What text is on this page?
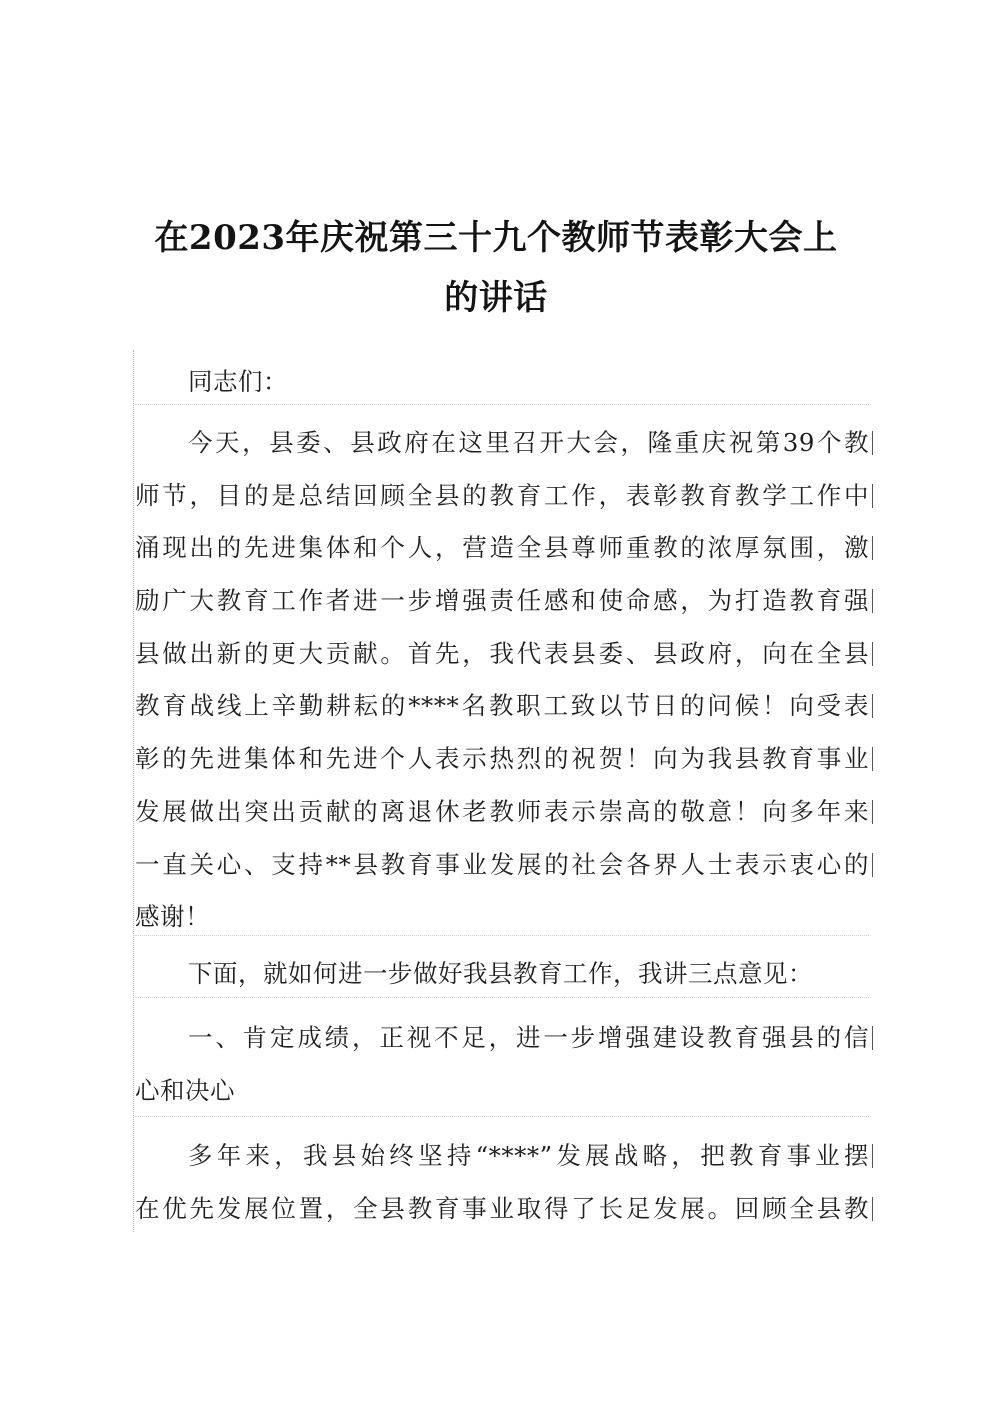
在2023年庆祝第三十九个教师节表彰大会上
的讲话
同志们：
今天，县委、县政府在这里召开大会，隆重庆祝第39个教
师节，目的是总结回顾全县的教育工作，表彰教育教学工作中
涌现出的先进集体和个人，营造全县尊师重教的浓厚氛围，激
励广大教育工作者进一步增强责任感和使命感，为打造教育强
县做出新的更大贡献。首先，我代表县委、县政府，向在全县
教育战线上辛勤耕耘的****名教职工致以节日的问候！向受表
彰的先进集体和先进个人表示热烈的祝贺！向为我县教育事业
发展做出突出贡献的离退休老教师表示崇高的敬意！向多年来
一直关心、支持**县教育事业发展的社会各界人士表示衷心的
感谢！
下面，就如何进一步做好我县教育工作，我讲三点意见：
一、肯定成绩，正视不足，进一步增强建设教育强县的信
心和决心
多年来，我县始终坚持“****”发展战略，把教育事业摆
在优先发展位置，全县教育事业取得了长足发展。回顾全县教
